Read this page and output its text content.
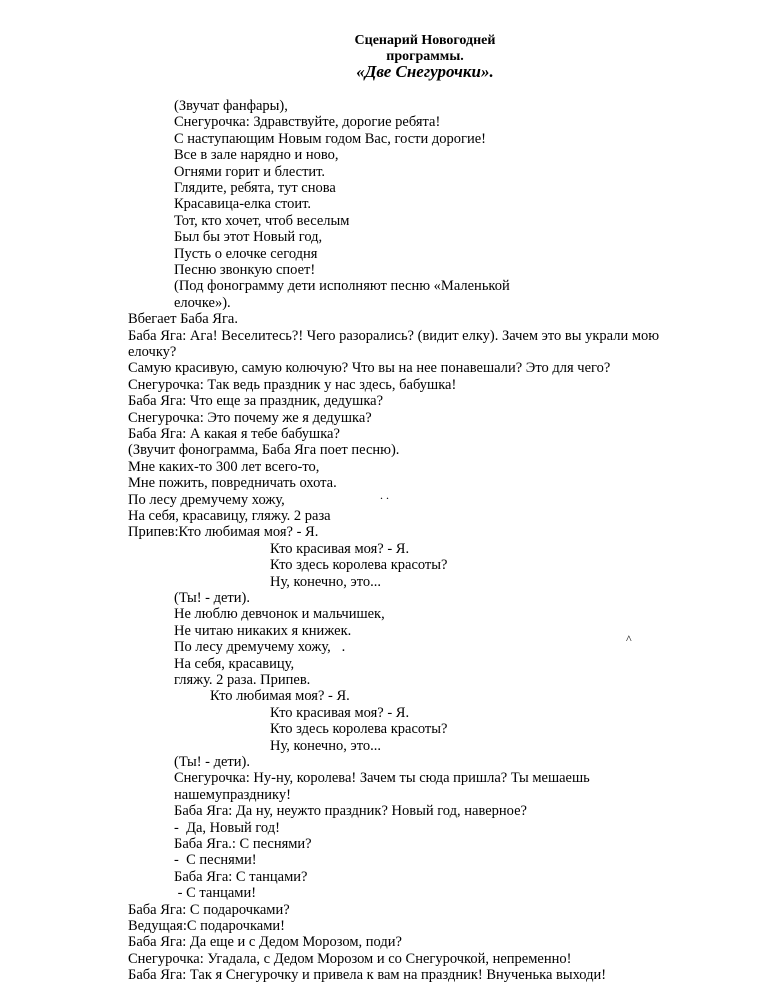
Сценарий Новогодней
программы.
«Две Снегурочки».
(Звучат фанфары),
Снегурочка: Здравствуйте, дорогие ребята!
С наступающим Новым годом Вас, гости дорогие!
Все в зале нарядно и ново,
Огнями горит и блестит.
Глядите, ребята, тут снова
Красавица-елка стоит.
Тот, кто хочет, чтоб веселым
Был бы этот Новый год,
Пусть о елочке сегодня
Песню звонкую споет!
(Под фонограмму дети исполняют песню «Маленькой
елочке»).
Вбегает Баба Яга.
Баба Яга: Ага! Веселитесь?! Чего разорались? (видит елку). Зачем это вы украли мою
елочку?
Самую красивую, самую колючую? Что вы на нее понавешали? Это для чего?
Снегурочка: Так ведь праздник у нас здесь, бабушка!
Баба Яга: Что еще за праздник, дедушка?
Снегурочка: Это почему же я дедушка?
Баба Яга: А какая я тебе бабушка?
(Звучит фонограмма, Баба Яга поет песню).
Мне каких-то 300 лет всего-то,
Мне пожить, повредничать охота.
По лесу дремучему хожу,
На себя, красавицу, гляжу. 2 раза
Припев:Кто любимая моя? - Я.
Кто красивая моя? - Я.
Кто здесь королева красоты?
Ну, конечно, это...
(Ты! - дети).
Не люблю девчонок и мальчишек,
Не читаю никаких я книжек.
По лесу дремучему хожу,   .
На себя, красавицу,
гляжу. 2 раза. Припев.
Кто любимая моя? - Я.
Кто красивая моя? - Я.
Кто здесь королева красоты?
Ну, конечно, это...
(Ты! - дети).
Снегурочка: Ну-ну, королева! Зачем ты сюда пришла? Ты мешаешь
нашемупразднику!
Баба Яга: Да ну, неужто праздник? Новый год, наверное?
-  Да, Новый год!
Баба Яга.: С песнями?
-  С песнями!
Баба Яга: С танцами?
- С танцами!
Баба Яга: С подарочками?
Ведущая:С подарочками!
Баба Яга: Да еще и с Дедом Морозом, поди?
Снегурочка: Угадала, с Дедом Морозом и со Снегурочкой, непременно!
Баба Яга: Так я Снегурочку и привела к вам на праздник! Внученька выходи!
. .
^
